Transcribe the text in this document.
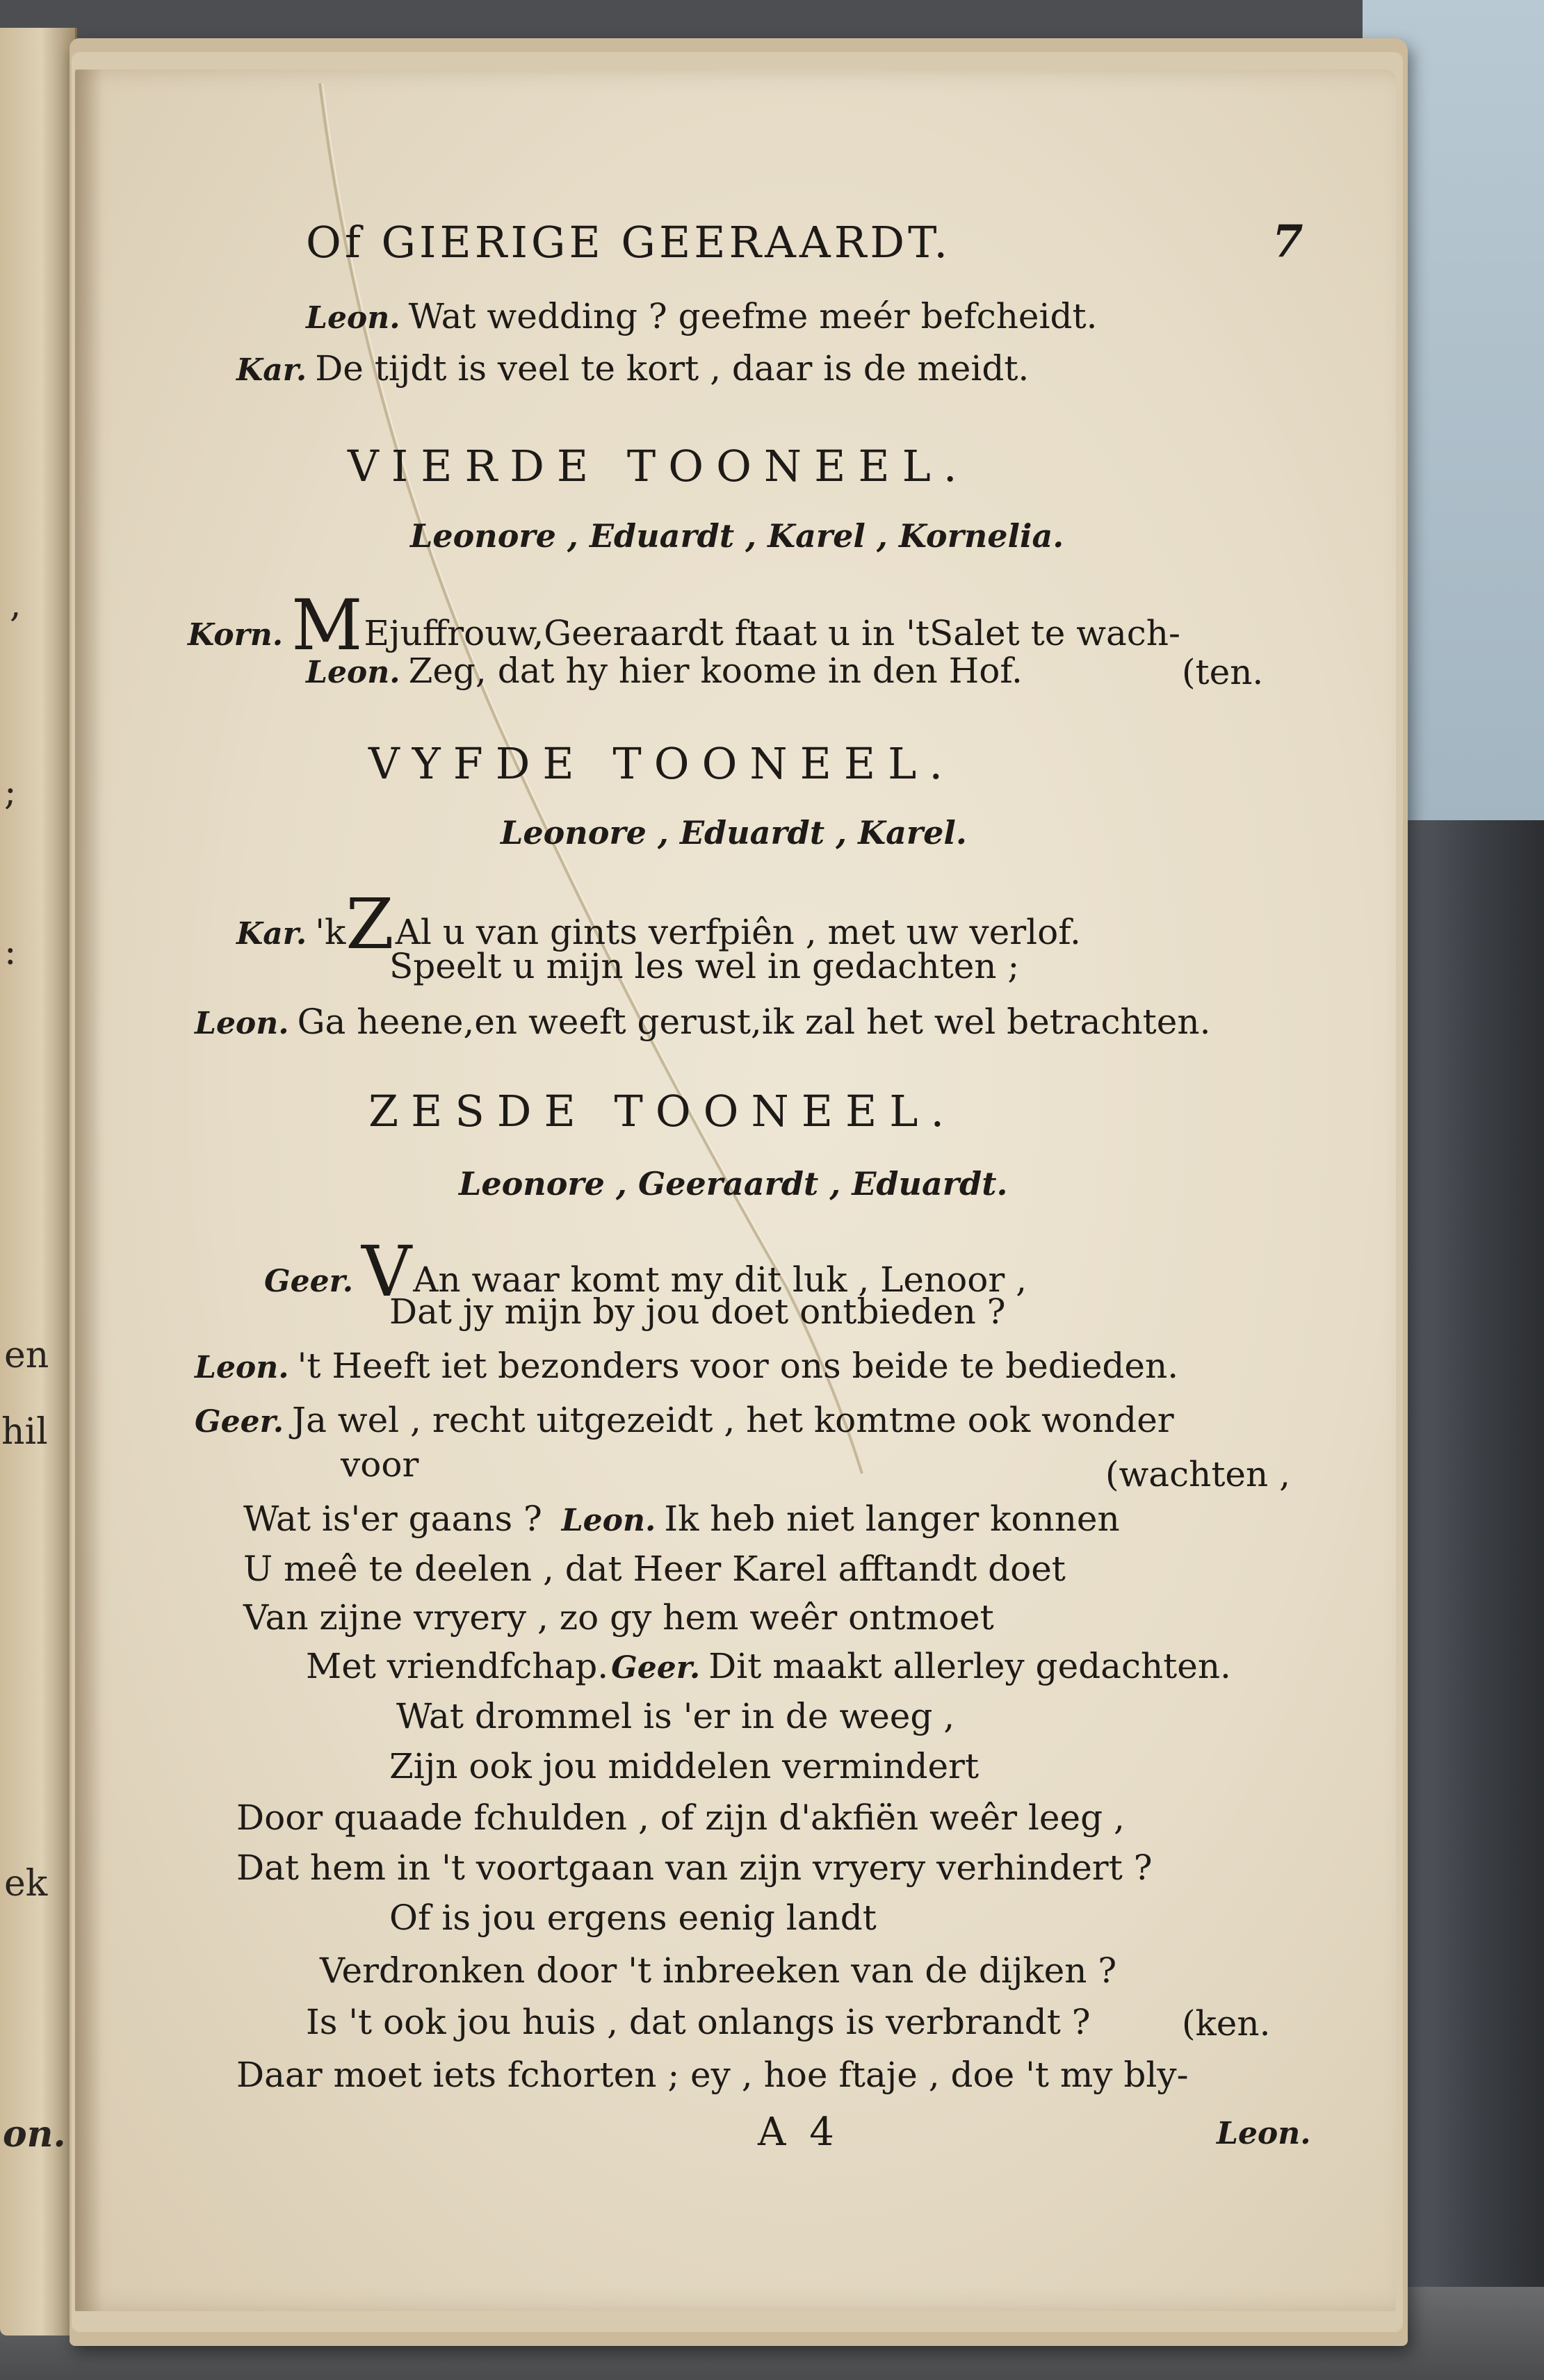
,
;
:
en
hil
ek
on.
Of GIERIGE GEERAARDT.	7
Leon. Wat wedding ? geefme meér befcheidt.
Kar. De tijdt is veel te kort , daar is de meidt.
VIERDE TOONEEL.
Leonore , Eduardt , Karel , Kornelia.
Korn. MEjuffrouw,Geeraardt ftaat u in 'tSalet te wach-
Leon. Zeg, dat hy hier koome in den Hof.	(ten.
VYFDE TOONEEL.
Leonore , Eduardt , Karel.
Kar. 'kZAl u van gints verfpiên , met uw verlof.
Speelt u mijn les wel in gedachten ;
Leon. Ga heene,en weeft gerust,ik zal het wel betrachten.
ZESDE TOONEEL.
Leonore , Geeraardt , Eduardt.
Geer. VAn waar komt my dit luk , Lenoor ,
Dat jy mijn by jou doet ontbieden ?
Leon. 't Heeft iet bezonders voor ons beide te bedieden.
Geer. Ja wel , recht uitgezeidt , het komtme ook wonder
voor	(wachten ,
Wat is'er gaans ? Leon. Ik heb niet langer konnen
U meê te deelen , dat Heer Karel afftandt doet
Van zijne vryery , zo gy hem weêr ontmoet
Met vriendfchap.Geer. Dit maakt allerley gedachten.
Wat drommel is 'er in de weeg ,
Zijn ook jou middelen vermindert
Door quaade fchulden , of zijn d'akfiën weêr leeg ,
Dat hem in 't voortgaan van zijn vryery verhindert ?
Of is jou ergens eenig landt
Verdronken door 't inbreeken van de dijken ?
Is 't ook jou huis , dat onlangs is verbrandt ?	(ken.
Daar moet iets fchorten ; ey , hoe ftaje , doe 't my bly-
A 4	Leon.
